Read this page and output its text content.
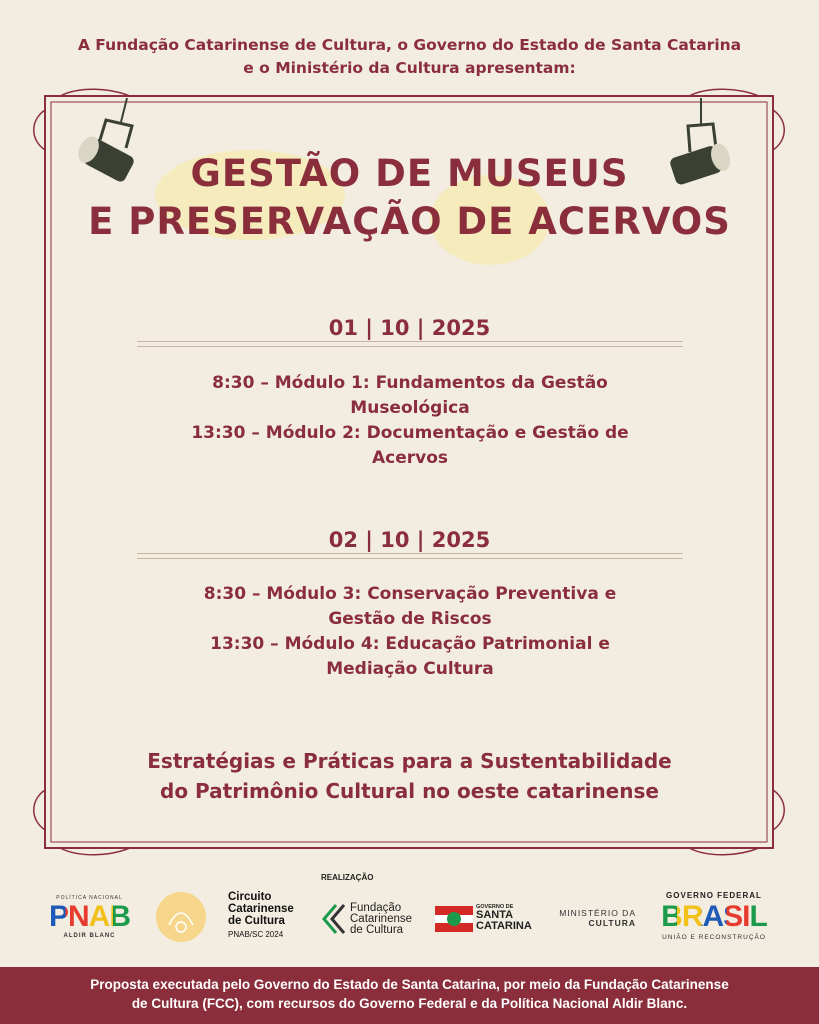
A Fundação Catarinense de Cultura, o Governo do Estado de Santa Catarina
e o Ministério da Cultura apresentam:
GESTÃO DE MUSEUS
E PRESERVAÇÃO DE ACERVOS
01 | 10 | 2025

8:30 – Módulo 1: Fundamentos da Gestão

Museológica

13:30 – Módulo 2: Documentação e Gestão de

Acervos

02 | 10 | 2025

8:30 – Módulo 3: Conservação Preventiva e

Gestão de Riscos

13:30 – Módulo 4: Educação Patrimonial e

Mediação Cultura

Estratégias e Práticas para a Sustentabilidade
do Patrimônio Cultural no oeste catarinense
REALIZAÇÃO
POLÍTICA NACIONAL
PNAB
ALDIR BLANC
Circuito
Catarinense
de Cultura
PNAB/SC 2024
Fundação
Catarinense
de Cultura
GOVERNO DE
SANTA
CATARINA
MINISTÉRIO DA
CULTURA
GOVERNO FEDERAL
BRASIL
UNIÃO E RECONSTRUÇÃO
Proposta executada pelo Governo do Estado de Santa Catarina, por meio da Fundação Catarinense
de Cultura (FCC), com recursos do Governo Federal e da Política Nacional Aldir Blanc.
